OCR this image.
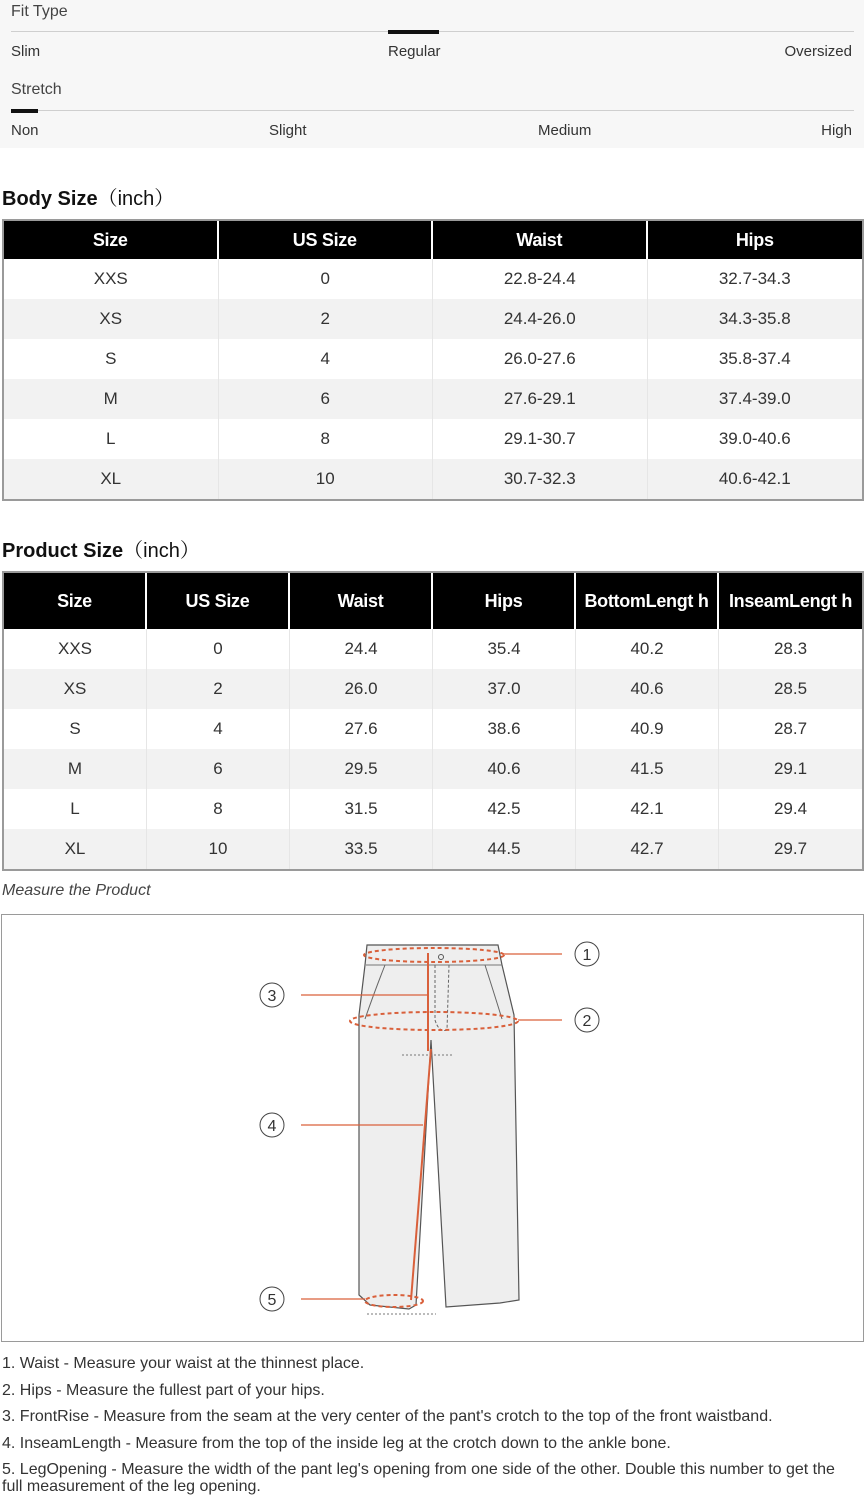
Fit Type
Slim	Regular	Oversized
Stretch
Non	Slight	Medium	High
Body Size（inch）
Size	US Size	Waist	Hips
XXS	0	22.8-24.4	32.7-34.3
XS	2	24.4-26.0	34.3-35.8
S	4	26.0-27.6	35.8-37.4
M	6	27.6-29.1	37.4-39.0
L	8	29.1-30.7	39.0-40.6
XL	10	30.7-32.3	40.6-42.1
Product Size（inch）
Size	US Size	Waist	Hips	BottomLengt h	InseamLengt h
XXS	0	24.4	35.4	40.2	28.3
XS	2	26.0	37.0	40.6	28.5
S	4	27.6	38.6	40.9	28.7
M	6	29.5	40.6	41.5	29.1
L	8	31.5	42.5	42.1	29.4
XL	10	33.5	44.5	42.7	29.7
Measure the Product
1
2
3
4
5
1. Waist - Measure your waist at the thinnest place.
2. Hips - Measure the fullest part of your hips.
3. FrontRise - Measure from the seam at the very center of the pant's crotch to the top of the front waistband.
4. InseamLength - Measure from the top of the inside leg at the crotch down to the ankle bone.
5. LegOpening - Measure the width of the pant leg's opening from one side of the other. Double this number to get the full measurement of the leg opening.
